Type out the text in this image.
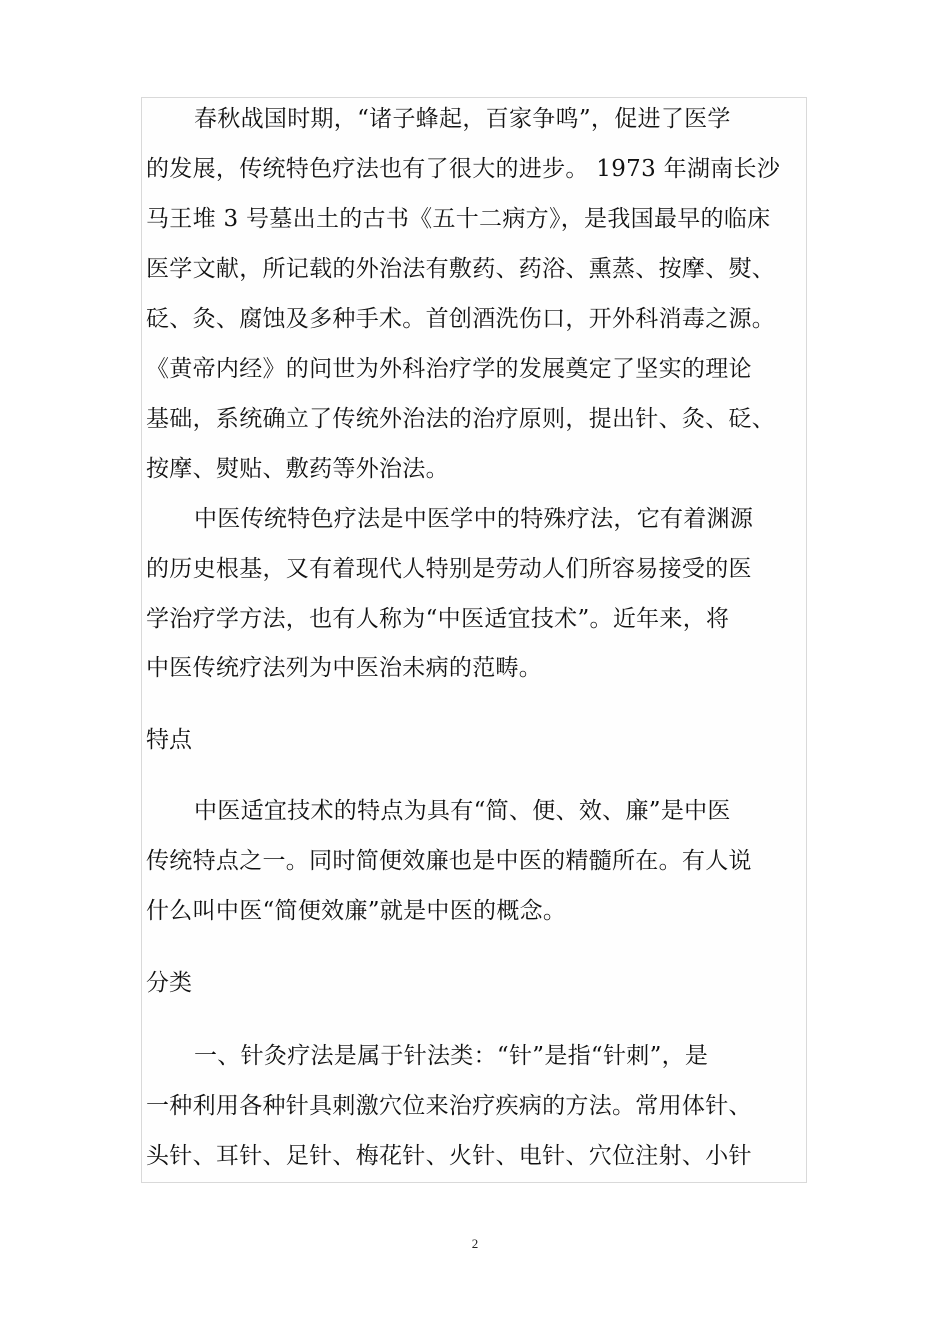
春秋战国时期，“诸子蜂起，百家争鸣”，促进了医学
的发展，传统特色疗法也有了很大的进步。 1973 年湖南长沙
马王堆 3 号墓出土的古书《五十二病方》，是我国最早的临床
医学文献，所记载的外治法有敷药、药浴、熏蒸、按摩、熨、
砭、灸、腐蚀及多种手术。首创酒洗伤口，开外科消毒之源。
《黄帝内经》的问世为外科治疗学的发展奠定了坚实的理论
基础，系统确立了传统外治法的治疗原则，提出针、灸、砭、
按摩、熨贴、敷药等外治法。
中医传统特色疗法是中医学中的特殊疗法，它有着渊源
的历史根基，又有着现代人特别是劳动人们所容易接受的医
学治疗学方法，也有人称为“中医适宜技术”。近年来，将
中医传统疗法列为中医治未病的范畴。
特点
中医适宜技术的特点为具有“简、便、效、廉”是中医
传统特点之一。同时简便效廉也是中医的精髓所在。有人说
什么叫中医“简便效廉”就是中医的概念。
分类
一、针灸疗法是属于针法类：“针”是指“针刺”，是
一种利用各种针具刺激穴位来治疗疾病的方法。常用体针、
头针、耳针、足针、梅花针、火针、电针、穴位注射、小针
2
